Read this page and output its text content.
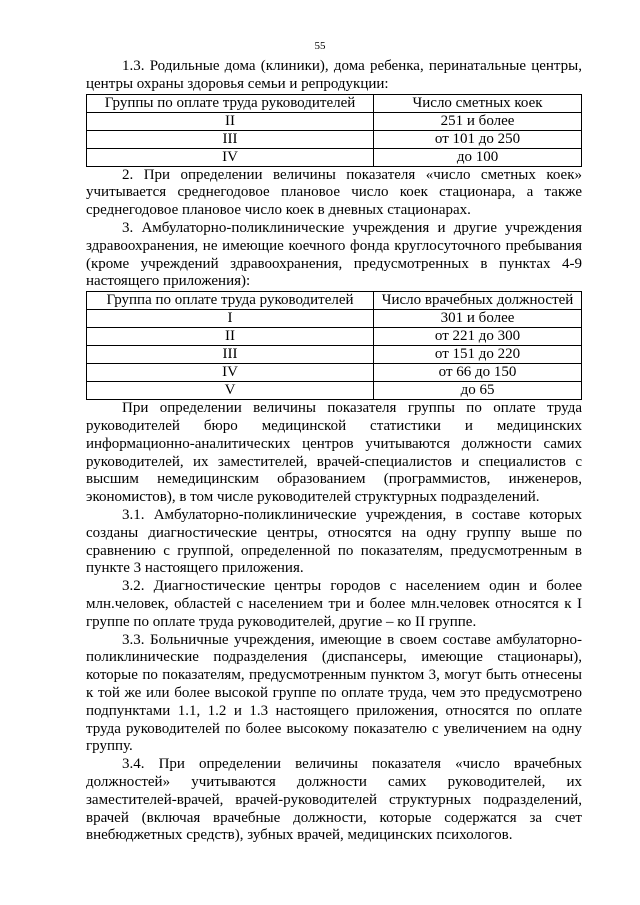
55

1.3. Родильные дома (клиники), дома ребенка, перинатальные центры, центры охраны здоровья семьи и репродукции:

Группы по оплате труда руководителей	Число сметных коек
II	251 и более
III	от 101 до 250
IV	до 100

2. При определении величины показателя «число сметных коек» учитывается среднегодовое плановое число коек стационара, а также среднегодовое плановое число коек в дневных стационарах.

3. Амбулаторно-поликлинические учреждения и другие учреждения здравоохранения, не имеющие коечного фонда круглосуточного пребывания (кроме учреждений здравоохранения, предусмотренных в пунктах 4-9 настоящего приложения):

Группа по оплате труда руководителей	Число врачебных должностей
I	301 и более
II	от 221 до 300
III	от 151 до 220
IV	от 66 до 150
V	до 65

При определении величины показателя группы по оплате труда руководителей бюро медицинской статистики и медицинских информационно-аналитических центров учитываются должности самих руководителей, их заместителей, врачей-специалистов и специалистов с высшим немедицинским образованием (программистов, инженеров, экономистов), в том числе руководителей структурных подразделений.

3.1. Амбулаторно-поликлинические учреждения, в составе которых созданы диагностические центры, относятся на одну группу выше по сравнению с группой, определенной по показателям, предусмотренным в пункте 3 настоящего приложения.

3.2. Диагностические центры городов с населением один и более млн.человек, областей с населением три и более млн.человек относятся к I группе по оплате труда руководителей, другие – ко II группе.

3.3. Больничные учреждения, имеющие в своем составе амбулаторно-поликлинические подразделения (диспансеры, имеющие стационары), которые по показателям, предусмотренным пунктом 3, могут быть отнесены к той же или более высокой группе по оплате труда, чем это предусмотрено подпунктами 1.1, 1.2 и 1.3 настоящего приложения, относятся по оплате труда руководителей по более высокому показателю с увеличением на одну группу.

3.4. При определении величины показателя «число врачебных должностей» учитываются должности самих руководителей, их заместителей-врачей, врачей-руководителей структурных подразделений, врачей (включая врачебные должности, которые содержатся за счет внебюджетных средств), зубных врачей, медицинских психологов.
